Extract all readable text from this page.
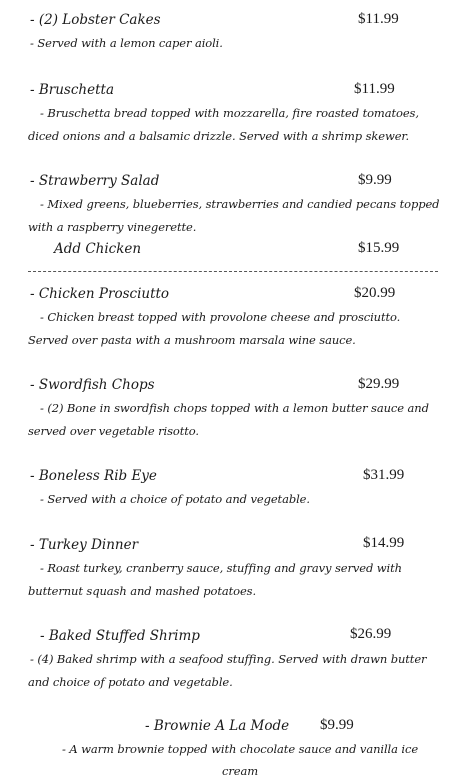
- (2) Lobster Cakes	$11.99
- Served with a lemon caper aioli.
- Bruschetta	$11.99
- Bruschetta bread topped with mozzarella, fire roasted tomatoes,
diced onions and a balsamic drizzle. Served with a shrimp skewer.
- Strawberry Salad	$9.99
- Mixed greens, blueberries, strawberries and candied pecans topped
with a raspberry vinegerette.
Add Chicken	$15.99
- Chicken Prosciutto	$20.99
- Chicken breast topped with provolone cheese and prosciutto.
Served over pasta with a mushroom marsala wine sauce.
- Swordfish Chops	$29.99
- (2) Bone in swordfish chops topped with a lemon butter sauce and
served over vegetable risotto.
- Boneless Rib Eye	$31.99
- Served with a choice of potato and vegetable.
- Turkey Dinner	$14.99
- Roast turkey, cranberry sauce, stuffing and gravy served with
butternut squash and mashed potatoes.
- Baked Stuffed Shrimp	$26.99
- (4) Baked shrimp with a seafood stuffing. Served with drawn butter
and choice of potato and vegetable.
- Brownie A La Mode $9.99
- A warm brownie topped with chocolate sauce and vanilla ice
cream
